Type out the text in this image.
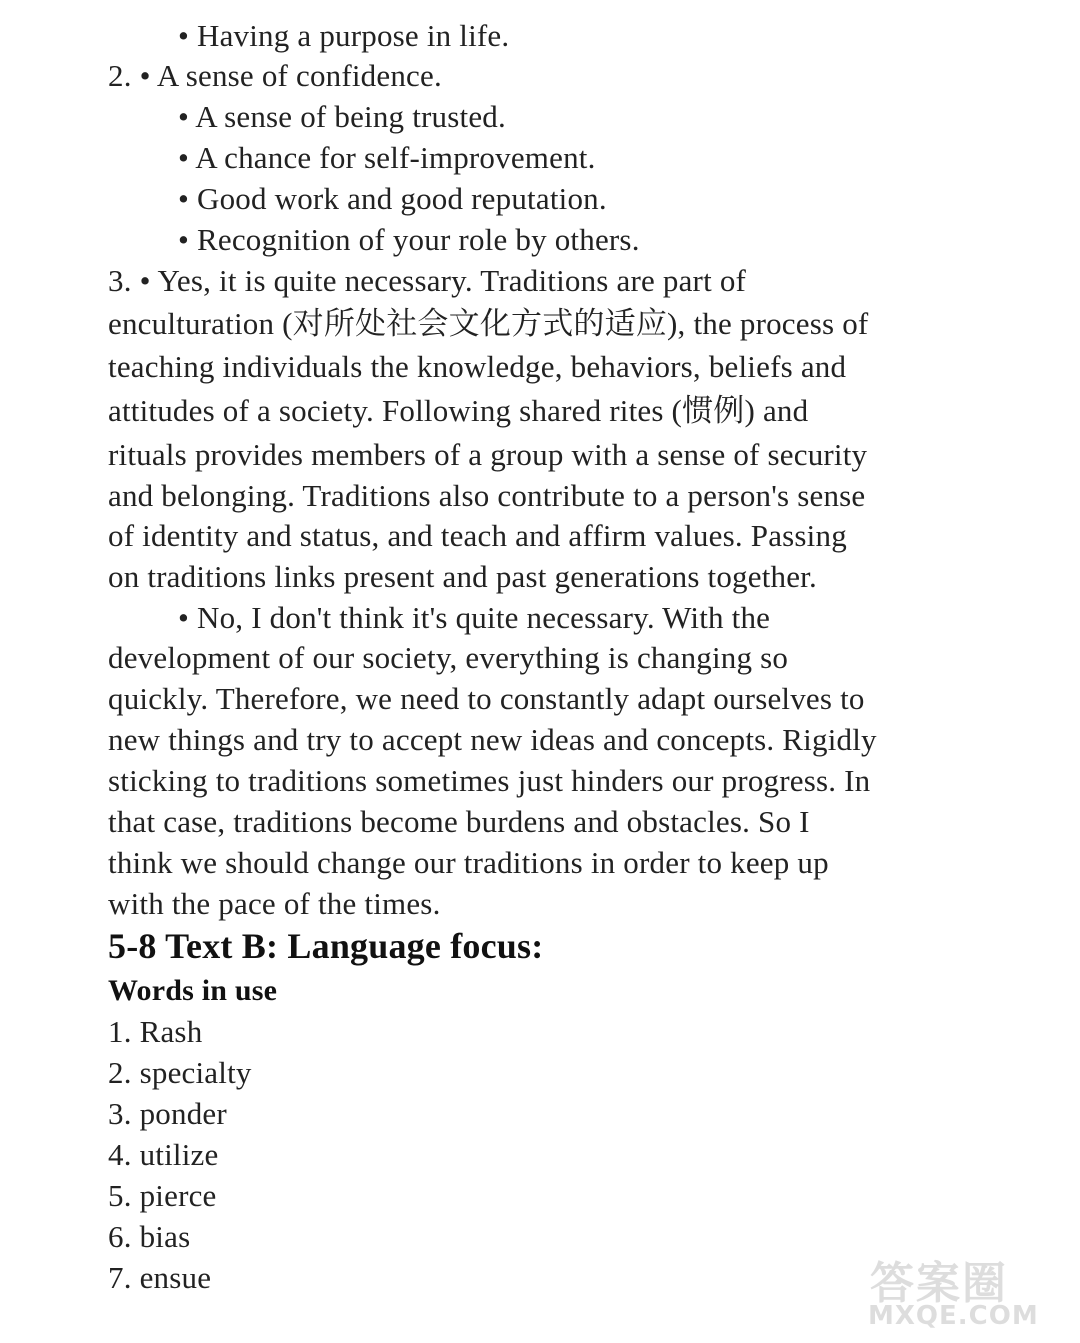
• Having a purpose in life.
2. • A sense of confidence.
• A sense of being trusted.
• A chance for self-improvement.
• Good work and good reputation.
• Recognition of your role by others.
3. • Yes, it is quite necessary. Traditions are part of
enculturation (对所处社会文化方式的适应), the process of
teaching individuals the knowledge, behaviors, beliefs and
attitudes of a society. Following shared rites (惯例) and
rituals provides members of a group with a sense of security
and belonging. Traditions also contribute to a person's sense
of identity and status, and teach and affirm values. Passing
on traditions links present and past generations together.
• No, I don't think it's quite necessary. With the
development of our society, everything is changing so
quickly. Therefore, we need to constantly adapt ourselves to
new things and try to accept new ideas and concepts. Rigidly
sticking to traditions sometimes just hinders our progress. In
that case, traditions become burdens and obstacles. So I
think we should change our traditions in order to keep up
with the pace of the times.
5-8 Text B: Language focus:
Words in use
1. Rash
2. specialty
3. ponder
4. utilize
5. pierce
6. bias
7. ensue	答案圈
MXQE.COM
